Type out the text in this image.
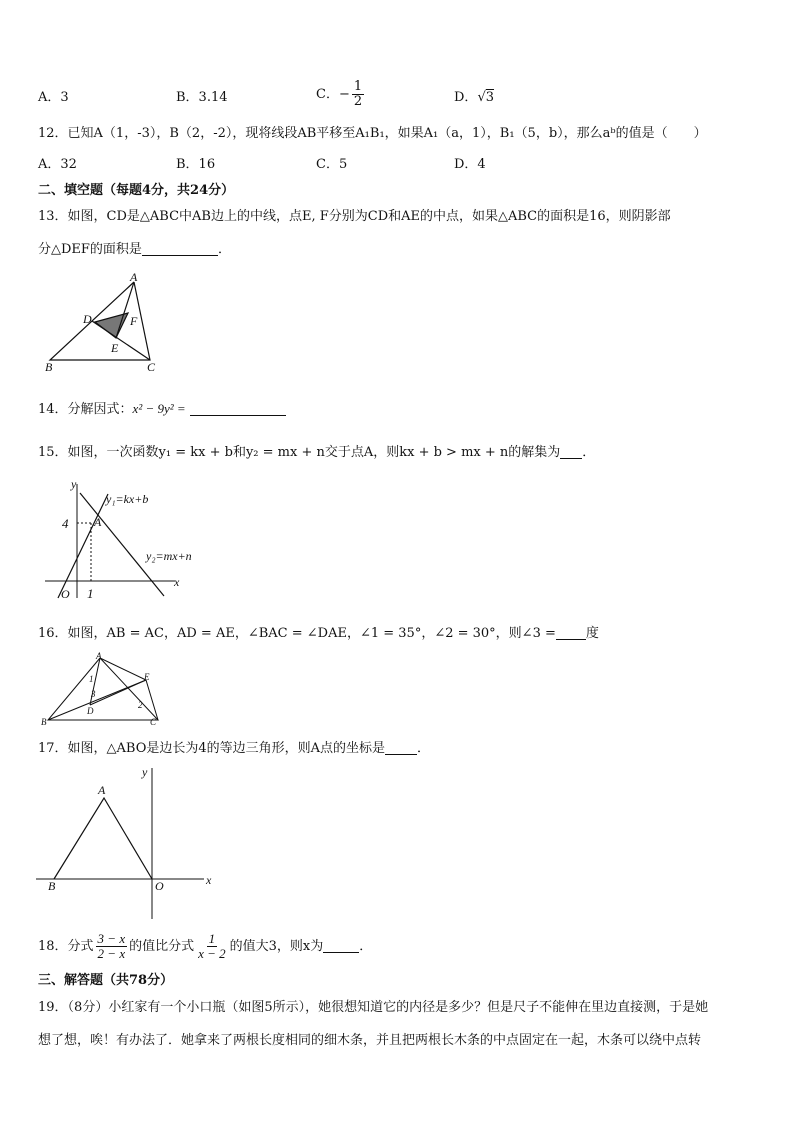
A．3	B．3.14	C．− $\frac{1}{2}$	D．√3
12．已知A（1，-3），B（2，-2），现将线段AB平移至A₁B₁，如果A₁（a，1），B₁（5，b），那么aᵇ的值是（　　）
A．32	B．16	C．5	D．4
二、填空题（每题4分，共24分）
13．如图，CD是△ABC中AB边上的中线，点E, F分别为CD和AE的中点，如果△ABC的面积是16，则阴影部
分△DEF的面积是	．
A
B	C
D
E
F
14．分解因式：x² − 9y² =
15．如图，一次函数y₁ = kx + b和y₂ = mx + n交于点A，则kx + b > mx + n的解集为 ．
y
x
O
4
1
A
y₁=kx+b
y₂=mx+n
16．如图，AB = AC，AD = AE，∠BAC = ∠DAE，∠1 = 35°，∠2 = 30°，则∠3 = 度
A
B	C
D
E
1
2
3
17．如图，△ABO是边长为4的等边三角形，则A点的坐标是 ．
y
x
A
B	O
18．分式 $\frac{3 - x}{2 - x}$ 的值比分式 $\frac{1}{x - 2}$ 的值大3，则x为	．
三、解答题（共78分）
19．（8分）小红家有一个小口瓶（如图5所示），她很想知道它的内径是多少？但是尺子不能伸在里边直接测，于是她
想了想，唉！有办法了．她拿来了两根长度相同的细木条，并且把两根长木条的中点固定在一起，木条可以绕中点转
